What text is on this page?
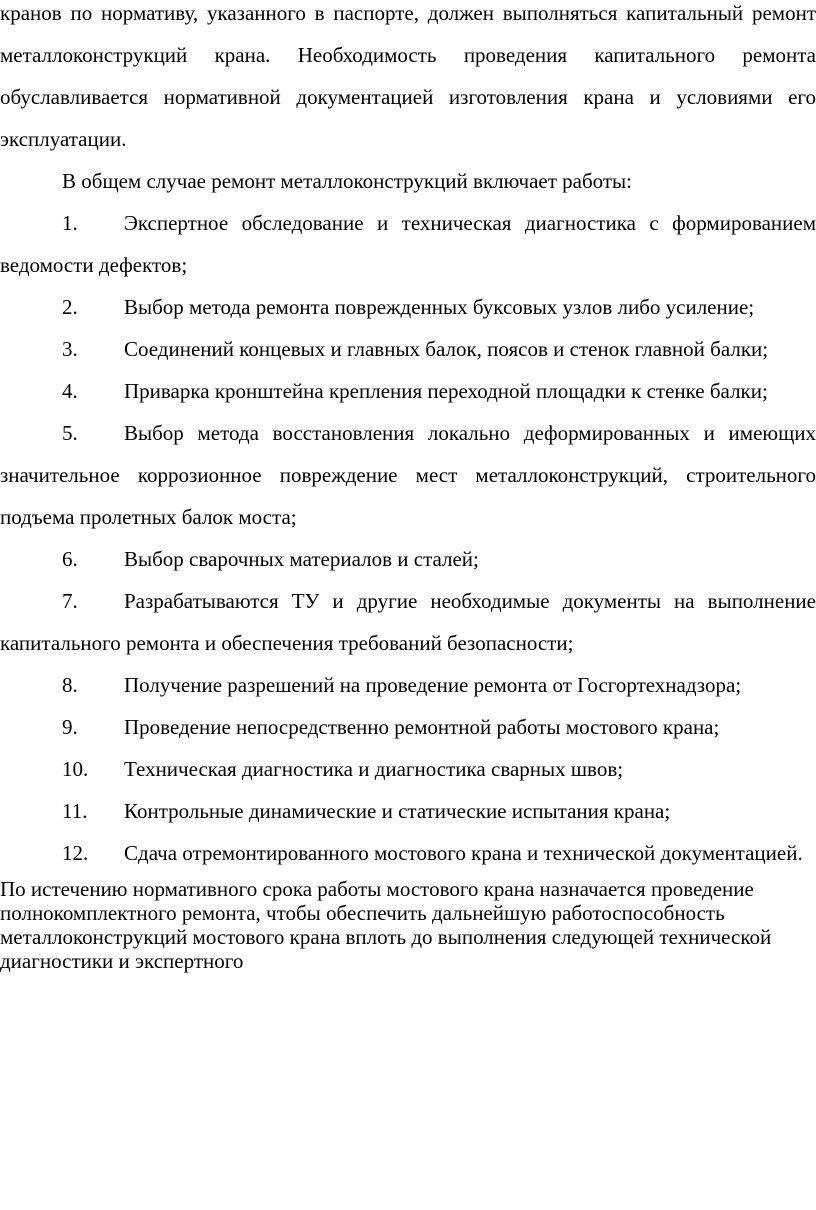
кранов по нормативу, указанного в паспорте, должен выполняться капитальный ремонт металлоконструкций крана. Необходимость проведения капитального ремонта обуславливается нормативной документацией изготовления крана и условиями его эксплуатации.

В общем случае ремонт металлоконструкций включает работы:

1. Экспертное обследование и техническая диагностика с формированием ведомости дефектов;

2. Выбор метода ремонта поврежденных буксовых узлов либо усиление;

3. Соединений концевых и главных балок, поясов и стенок главной балки;

4. Приварка кронштейна крепления переходной площадки к стенке балки;

5. Выбор метода восстановления локально деформированных и имеющих значительное коррозионное повреждение мест металлоконструкций, строительного подъема пролетных балок моста;

6. Выбор сварочных материалов и сталей;

7. Разрабатываются ТУ и другие необходимые документы на выполнение капитального ремонта и обеспечения требований безопасности;

8. Получение разрешений на проведение ремонта от Госгортехнадзора;

9. Проведение непосредственно ремонтной работы мостового крана;

10. Техническая диагностика и диагностика сварных швов;

11. Контрольные динамические и статические испытания крана;

12. Сдача отремонтированного мостового крана и технической документацией.

По истечению нормативного срока работы мостового крана назначается проведение полнокомплектного ремонта, чтобы обеспечить дальнейшую работоспособность металлоконструкций мостового крана вплоть до выполнения следующей технической диагностики и экспертного
